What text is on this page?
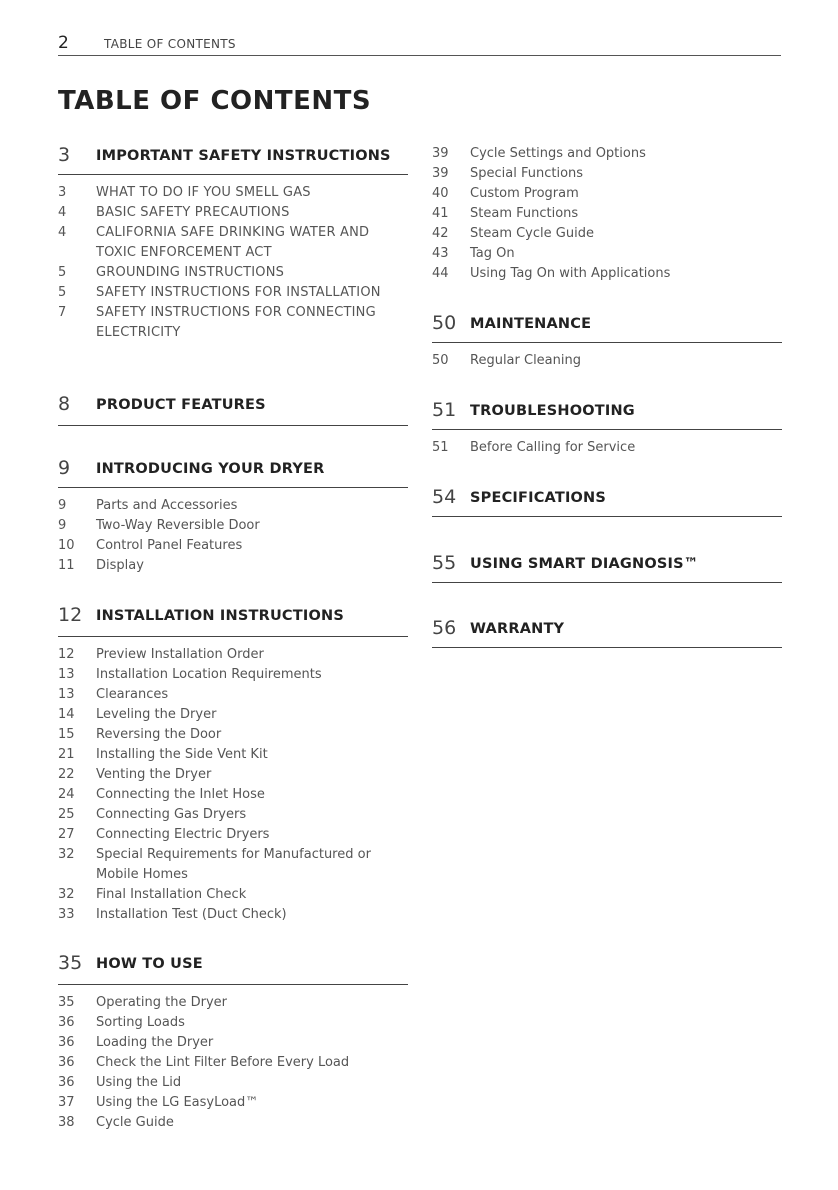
2	TABLE OF CONTENTS
TABLE OF CONTENTS
3 IMPORTANT SAFETY INSTRUCTIONS
3 WHAT TO DO IF YOU SMELL GAS
4 BASIC SAFETY PRECAUTIONS
4 CALIFORNIA SAFE DRINKING WATER AND TOXIC ENFORCEMENT ACT
5 GROUNDING INSTRUCTIONS
5 SAFETY INSTRUCTIONS FOR INSTALLATION
7 SAFETY INSTRUCTIONS FOR CONNECTING ELECTRICITY
8 PRODUCT FEATURES
9 INTRODUCING YOUR DRYER
9 Parts and Accessories
9 Two-Way Reversible Door
10 Control Panel Features
11 Display
12 INSTALLATION INSTRUCTIONS
12 Preview Installation Order
13 Installation Location Requirements
13 Clearances
14 Leveling the Dryer
15 Reversing the Door
21 Installing the Side Vent Kit
22 Venting the Dryer
24 Connecting the Inlet Hose
25 Connecting Gas Dryers
27 Connecting Electric Dryers
32 Special Requirements for Manufactured or Mobile Homes
32 Final Installation Check
33 Installation Test (Duct Check)
35 HOW TO USE
35 Operating the Dryer
36 Sorting Loads
36 Loading the Dryer
36 Check the Lint Filter Before Every Load
36 Using the Lid
37 Using the LG EasyLoad™
38 Cycle Guide
39 Cycle Settings and Options
39 Special Functions
40 Custom Program
41 Steam Functions
42 Steam Cycle Guide
43 Tag On
44 Using Tag On with Applications
50 MAINTENANCE
50 Regular Cleaning
51 TROUBLESHOOTING
51 Before Calling for Service
54 SPECIFICATIONS
55 USING SMART DIAGNOSIS™
56 WARRANTY
